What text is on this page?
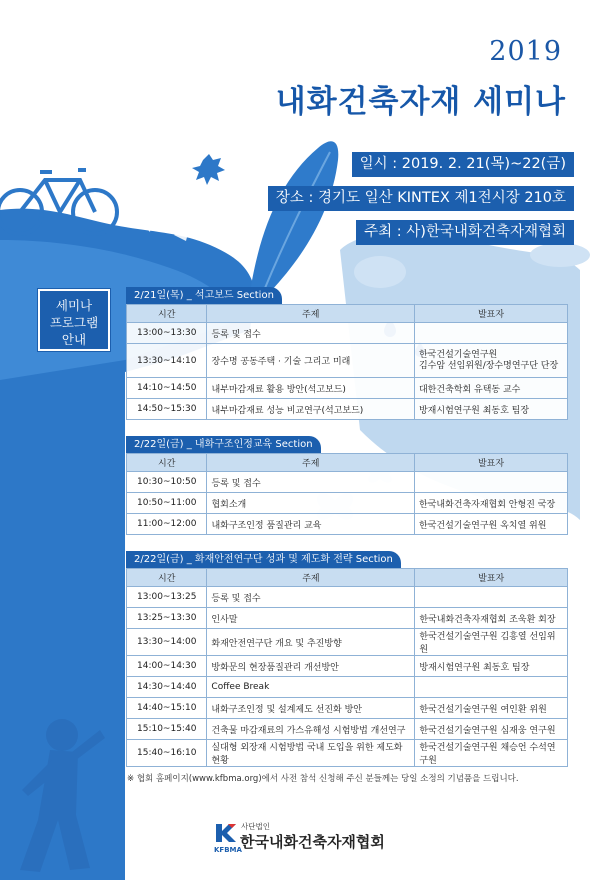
2019
내화건축자재 세미나
일시 : 2019. 2. 21(목)~22(금)
장소 : 경기도 일산 KINTEX 제1전시장 210호
주최 : 사)한국내화건축자재협회
세미나
프로그램
안내
2/21일(목) _ 석고보드 Section
시간	주제	발표자
13:00~13:30	등록 및 접수	
13:30~14:10	장수명 공동주택 · 기술 그리고 미래	한국건설기술연구원
김수암 선임위원/장수명연구단 단장
14:10~14:50	내부마감재료 활용 방안(석고보드)	대한건축학회 유택동 교수
14:50~15:30	내부마감재료 성능 비교연구(석고보드)	방재시험연구원 최동호 팀장
2/22일(금) _ 내화구조인정교육 Section
시간	주제	발표자
10:30~10:50	등록 및 접수	
10:50~11:00	협회소개	한국내화건축자재협회 안형진 국장
11:00~12:00	내화구조인정 품질관리 교육	한국건설기술연구원 옥치열 위원
2/22일(금) _ 화재안전연구단 성과 및 제도화 전략 Section
시간	주제	발표자
13:00~13:25	등록 및 접수	
13:25~13:30	인사말	한국내화건축자재협회 조욱환 회장
13:30~14:00	화재안전연구단 개요 및 추진방향	한국건설기술연구원 김흥열 선임위원
14:00~14:30	방화문의 현장품질관리 개선방안	방재시험연구원 최동호 팀장
14:30~14:40	Coffee Break	
14:40~15:10	내화구조인정 및 설계제도 선진화 방안	한국건설기술연구원 여인환 위원
15:10~15:40	건축물 마감재료의 가스유해성 시험방법 개선연구	한국건설기술연구원 심재웅 연구원
15:40~16:10	실대형 외장재 시험방법 국내 도입을 위한 제도화 현황	한국건설기술연구원 채승언 수석연구원
※ 협회 홈페이지(www.kfbma.org)에서 사전 참석 신청해 주신 분들께는 당일 소정의 기념품을 드립니다.
KFBMA
사단법인
한국내화건축자재협회
